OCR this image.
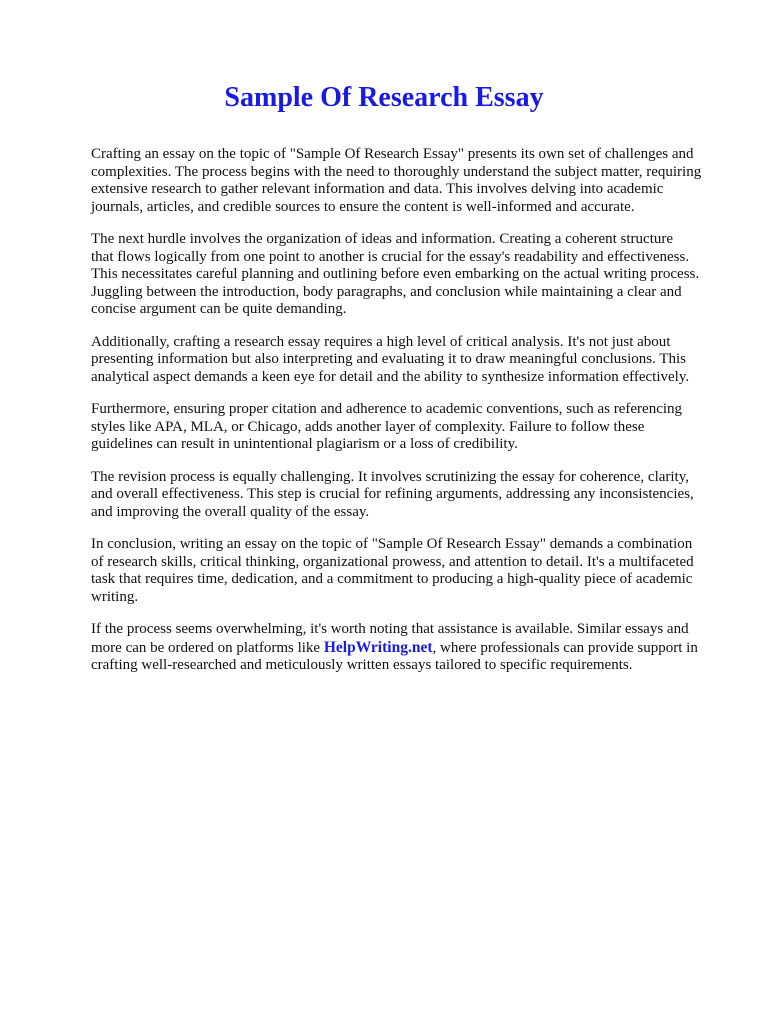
Sample Of Research Essay

Crafting an essay on the topic of "Sample Of Research Essay" presents its own set of challenges and
complexities. The process begins with the need to thoroughly understand the subject matter, requiring
extensive research to gather relevant information and data. This involves delving into academic
journals, articles, and credible sources to ensure the content is well-informed and accurate.

The next hurdle involves the organization of ideas and information. Creating a coherent structure
that flows logically from one point to another is crucial for the essay's readability and effectiveness.
This necessitates careful planning and outlining before even embarking on the actual writing process.
Juggling between the introduction, body paragraphs, and conclusion while maintaining a clear and
concise argument can be quite demanding.

Additionally, crafting a research essay requires a high level of critical analysis. It's not just about
presenting information but also interpreting and evaluating it to draw meaningful conclusions. This
analytical aspect demands a keen eye for detail and the ability to synthesize information effectively.

Furthermore, ensuring proper citation and adherence to academic conventions, such as referencing
styles like APA, MLA, or Chicago, adds another layer of complexity. Failure to follow these
guidelines can result in unintentional plagiarism or a loss of credibility.

The revision process is equally challenging. It involves scrutinizing the essay for coherence, clarity,
and overall effectiveness. This step is crucial for refining arguments, addressing any inconsistencies,
and improving the overall quality of the essay.

In conclusion, writing an essay on the topic of "Sample Of Research Essay" demands a combination
of research skills, critical thinking, organizational prowess, and attention to detail. It's a multifaceted
task that requires time, dedication, and a commitment to producing a high-quality piece of academic
writing.

If the process seems overwhelming, it's worth noting that assistance is available. Similar essays and
more can be ordered on platforms like HelpWriting.net, where professionals can provide support in
crafting well-researched and meticulously written essays tailored to specific requirements.
